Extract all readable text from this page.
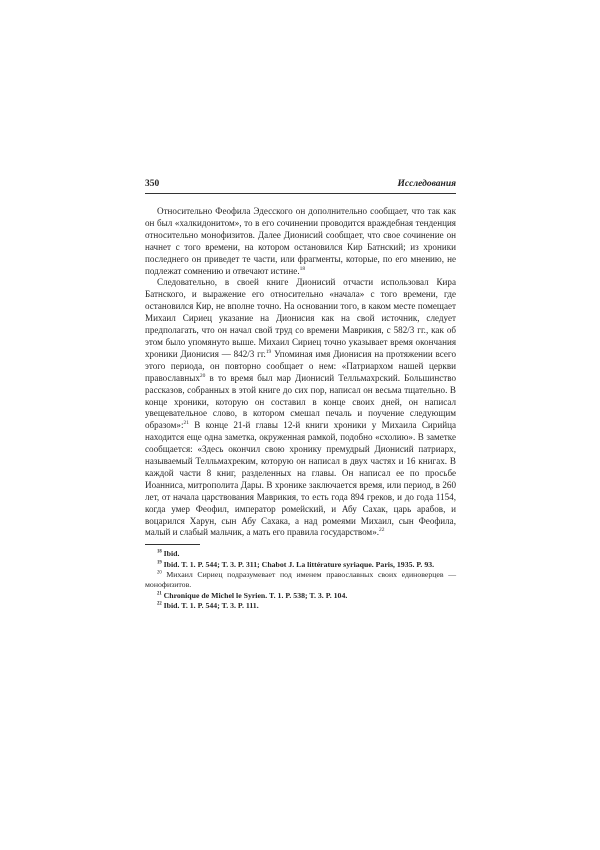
350	Исследования

Относительно Феофила Эдесского он дополнительно сообщает, что так как он был «халкидонитом», то в его сочинении проводится враждебная тенденция относительно монофизитов. Далее Дионисий сообщает, что свое сочинение он начнет с того времени, на котором остановился Кир Батнский; из хроники последнего он приведет те части, или фрагменты, которые, по его мнению, не подлежат сомнению и отвечают истине.$^{18}$

Следовательно, в своей книге Дионисий отчасти использовал Кира Батнского, и выражение его относительно «начала» с того времени, где остановился Кир, не вполне точно. На основании того, в каком месте помещает Михаил Сириец указание на Дионисия как на свой источник, следует предполагать, что он начал свой труд со времени Маврикия, с 582/3 гг., как об этом было упомянуто выше. Михаил Сириец точно указывает время окончания хроники Дионисия — 842/3 гг.$^{19}$ Упоминая имя Дионисия на протяжении всего этого периода, он повторно сообщает о нем: «Патриархом нашей церкви православных$^{20}$ в то время был мар Дионисий Телльмахрский. Большинство рассказов, собранных в этой книге до сих пор, написал он весьма тщательно. В конце хроники, которую он составил в конце своих дней, он написал увещевательное слово, в котором смешал печаль и поучение следующим образом»:$^{21}$ В конце 21-й главы 12-й книги хроники у Михаила Сирийца находится еще одна заметка, окруженная рамкой, подобно «схолию». В заметке сообщается: «Здесь окончил свою хронику премудрый Дионисий патриарх, называемый Телльмахреким, которую он написал в двух частях и 16 книгах. В каждой части 8 книг, разделенных на главы. Он написал ее по просьбе Иоанниса, митрополита Дары. В хронике заключается время, или период, в 260 лет, от начала царствования Маврикия, то есть года 894 греков, и до года 1154, когда умер Феофил, император ромейский, и Абу Сахак, царь арабов, и воцарился Харун, сын Абу Сахака, а над ромеями Михаил, сын Феофила, малый и слабый мальчик, а мать его правила государством».$^{22}$

$^{18}$ Ibid.

$^{19}$ Ibid. T. 1. P. 544; T. 3. P. 311; Chabot J. La littérature syriaque. Paris, 1935. P. 93.

$^{20}$ Михаил Сириец подразумевает под именем православных своих единоверцев — монофизитов.

$^{21}$ Chronique de Michel le Syrien. T. 1. P. 538; T. 3. P. 104.

$^{22}$ Ibid. T. 1. P. 544; T. 3. P. 111.
